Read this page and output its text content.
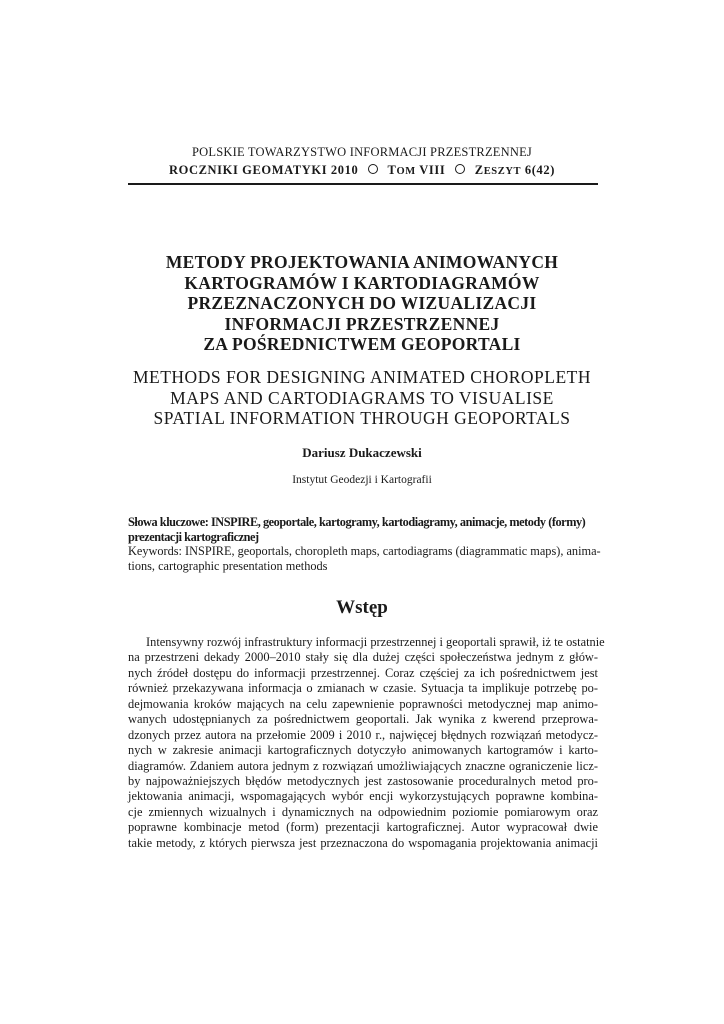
POLSKIE TOWARZYSTWO INFORMACJI PRZESTRZENNEJ
ROCZNIKI GEOMATYKI 2010 TOM VIII ZESZYT 6(42)
METODY PROJEKTOWANIA ANIMOWANYCH
KARTOGRAMÓW I KARTODIAGRAMÓW
PRZEZNACZONYCH DO WIZUALIZACJI
INFORMACJI PRZESTRZENNEJ
ZA POŚREDNICTWEM GEOPORTALI
METHODS FOR DESIGNING ANIMATED CHOROPLETH
MAPS AND CARTODIAGRAMS TO VISUALISE
SPATIAL INFORMATION THROUGH GEOPORTALS
Dariusz Dukaczewski
Instytut Geodezji i Kartografii
Słowa kluczowe: INSPIRE, geoportale, kartogramy, kartodiagramy, animacje, metody (formy)
prezentacji kartograficznej
Keywords: INSPIRE, geoportals, choropleth maps, cartodiagrams (diagrammatic maps), anima-
tions, cartographic presentation methods
Wstęp
Intensywny rozwój infrastruktury informacji przestrzennej i geoportali sprawił, iż te ostatnie
na przestrzeni dekady 2000–2010 stały się dla dużej części społeczeństwa jednym z głów-
nych źródeł dostępu do informacji przestrzennej. Coraz częściej za ich pośrednictwem jest
również przekazywana informacja o zmianach w czasie. Sytuacja ta implikuje potrzebę po-
dejmowania kroków mających na celu zapewnienie poprawności metodycznej map animo-
wanych udostępnianych za pośrednictwem geoportali. Jak wynika z kwerend przeprowa-
dzonych przez autora na przełomie 2009 i 2010 r., najwięcej błędnych rozwiązań metodycz-
nych w zakresie animacji kartograficznych dotyczyło animowanych kartogramów i karto-
diagramów. Zdaniem autora jednym z rozwiązań umożliwiających znaczne ograniczenie licz-
by najpoważniejszych błędów metodycznych jest zastosowanie proceduralnych metod pro-
jektowania animacji, wspomagających wybór encji wykorzystujących poprawne kombina-
cje zmiennych wizualnych i dynamicznych na odpowiednim poziomie pomiarowym oraz
poprawne kombinacje metod (form) prezentacji kartograficznej. Autor wypracował dwie
takie metody, z których pierwsza jest przeznaczona do wspomagania projektowania animacji
